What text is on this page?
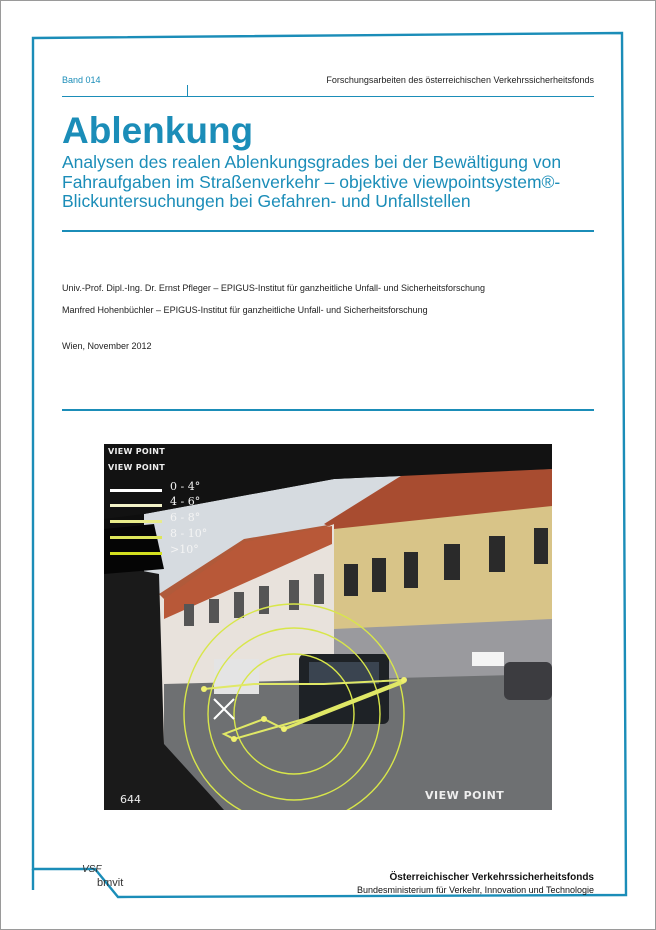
Band 014	Forschungsarbeiten des österreichischen Verkehrssicherheitsfonds
Ablenkung
Analysen des realen Ablenkungsgrades bei der Bewältigung von
Fahraufgaben im Straßenverkehr – objektive viewpointsystem®-
Blickuntersuchungen bei Gefahren- und Unfallstellen
Univ.-Prof. Dipl.-Ing. Dr. Ernst Pfleger – EPIGUS-Institut für ganzheitliche Unfall- und Sicherheitsforschung
Manfred Hohenbüchler – EPIGUS-Institut für ganzheitliche Unfall- und Sicherheitsforschung
Wien, November 2012
VIEW POINT
VIEW POINT
0 - 4°
4 - 6°
6 - 8°
8 - 10°
>10°
644	VIEW POINT
VSF
bmvit	Österreichischer Verkehrssicherheitsfonds
Bundesministerium für Verkehr, Innovation und Technologie
